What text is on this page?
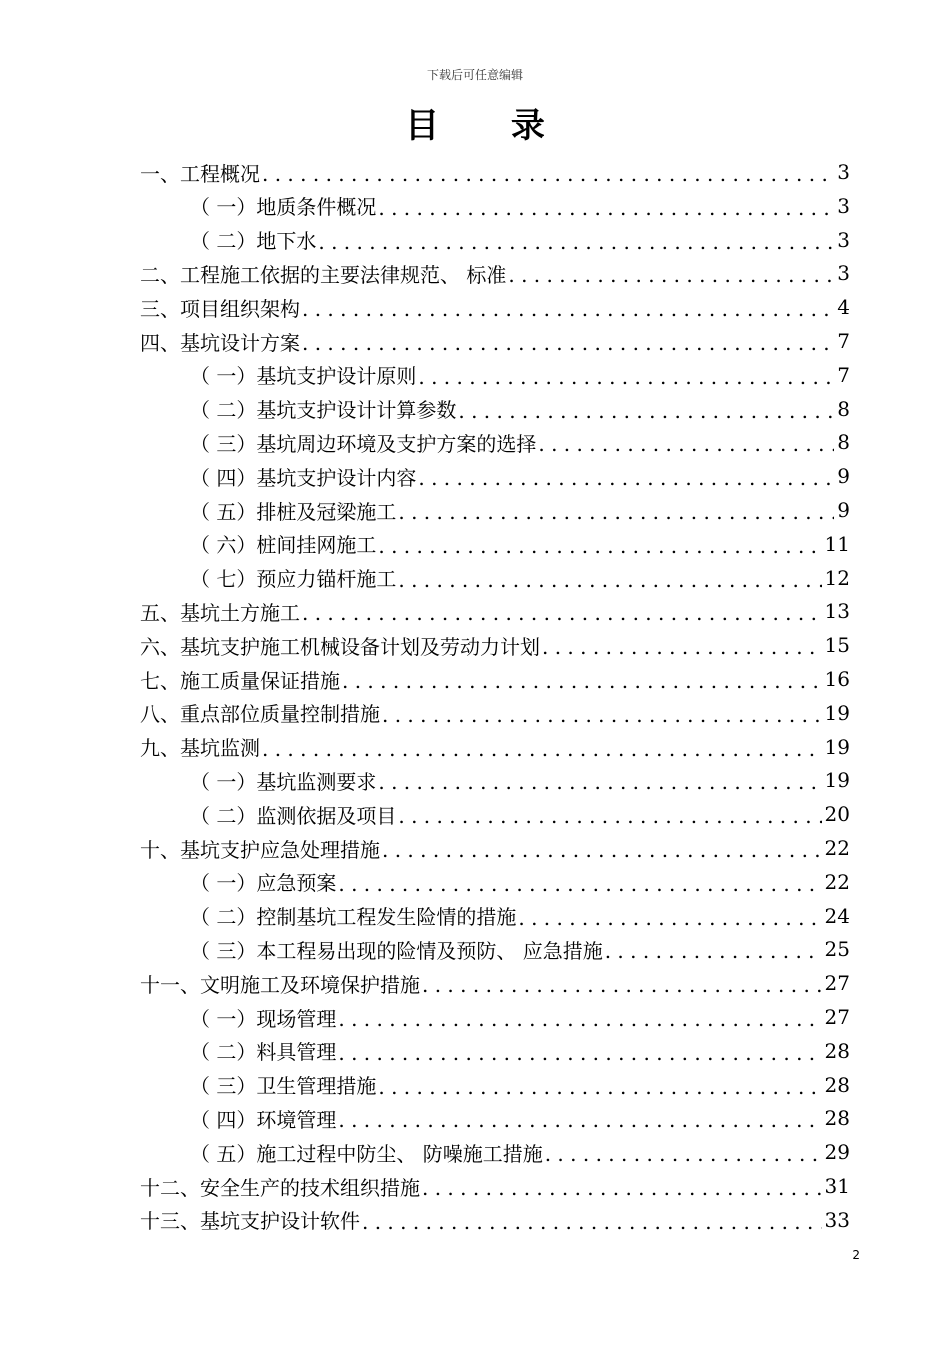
下载后可任意编辑
目 录
一、 工程概况 . . .	3
（ 一） 地质条件概况 . . .	3
（ 二） 地下水 . . .	3
二、 工程施工依据的主要法律规范、 标准 . . .	3
三、 项目组织架构 . . .	4
四、 基坑设计方案 . . .	7
（ 一） 基坑支护设计原则 . . .	7
（ 二） 基坑支护设计计算参数 . . .	8
（ 三） 基坑周边环境及支护方案的选择 . . .	8
（ 四） 基坑支护设计内容 . . .	9
（ 五） 排桩及冠梁施工 . . .	9
（ 六） 桩间挂网施工 . . .	11
（ 七） 预应力锚杆施工 . . .	12
五、 基坑土方施工 . . .	13
六、 基坑支护施工机械设备计划及劳动力计划 . . .	15
七、 施工质量保证措施 . . .	16
八、 重点部位质量控制措施 . . .	19
九、 基坑监测 . . .	19
（ 一） 基坑监测要求 . . .	19
（ 二） 监测依据及项目 . . .	20
十、 基坑支护应急处理措施 . . .	22
（ 一） 应急预案 . . .	22
（ 二） 控制基坑工程发生险情的措施 . . .	24
（ 三） 本工程易出现的险情及预防、 应急措施 . . .	25
十一、 文明施工及环境保护措施 . . .	27
（ 一） 现场管理 . . .	27
（ 二） 料具管理 . . .	28
（ 三） 卫生管理措施 . . .	28
（ 四） 环境管理 . . .	28
（ 五） 施工过程中防尘、 防噪施工措施 . . .	29
十二、 安全生产的技术组织措施 . . .	31
十三、 基坑支护设计软件 . . .	33
2
